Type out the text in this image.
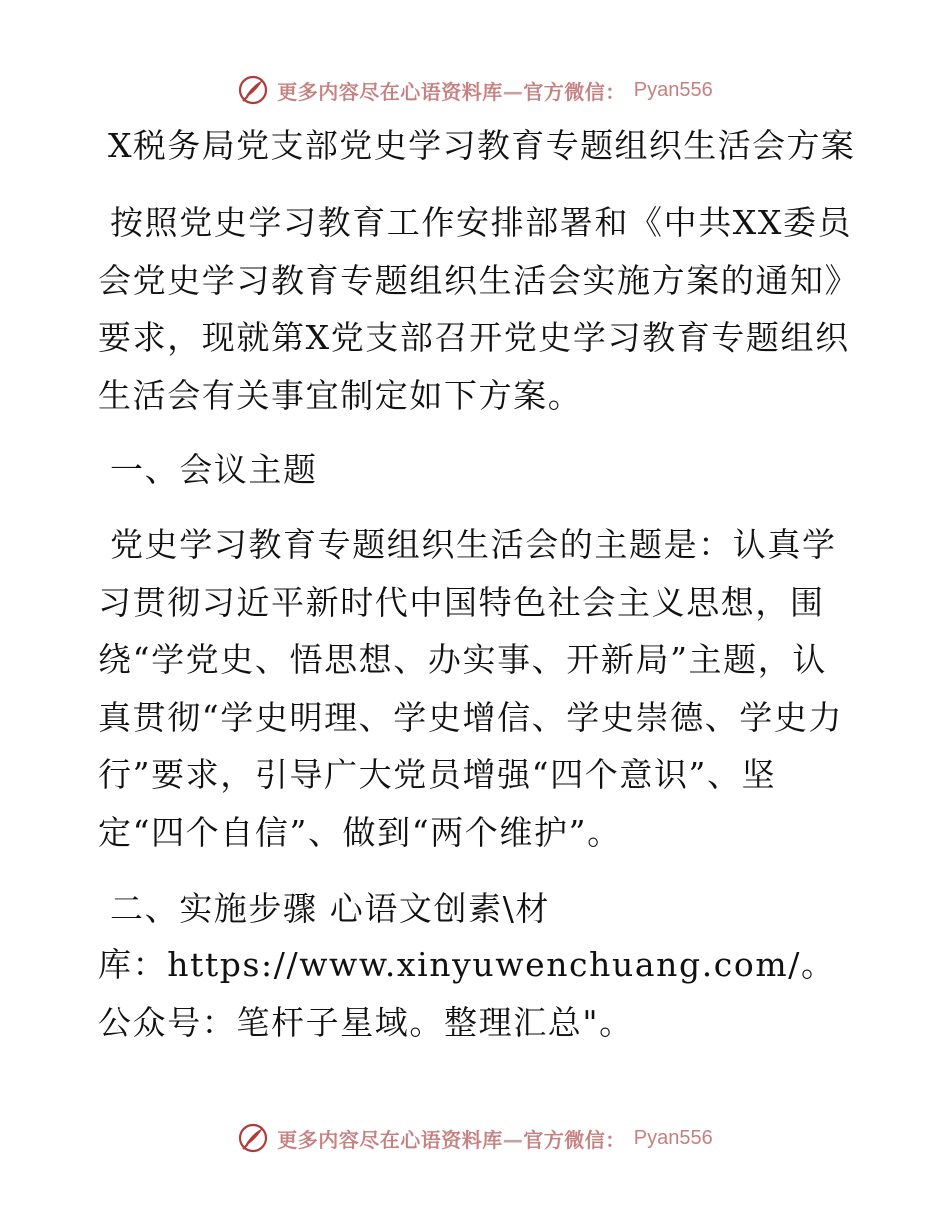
更多内容尽在心语资料库—官方微信： Pyan556
X税务局党支部党史学习教育专题组织生活会方案
按照党史学习教育工作安排部署和《中共XX委员会党史学习教育专题组织生活会实施方案的通知》要求，现就第X党支部召开党史学习教育专题组织生活会有关事宜制定如下方案。
一、会议主题
党史学习教育专题组织生活会的主题是：认真学习贯彻习近平新时代中国特色社会主义思想，围绕“学党史、悟思想、办实事、开新局”主题，认真贯彻“学史明理、学史增信、学史崇德、学史力行”要求，引导广大党员增强“四个意识”、坚定“四个自信”、做到“两个维护”。
二、实施步骤 心语文创素\材
库：https://www.xinyuwenchuang.com/。公众号：笔杆子星域。整理汇总"。
更多内容尽在心语资料库—官方微信： Pyan556
